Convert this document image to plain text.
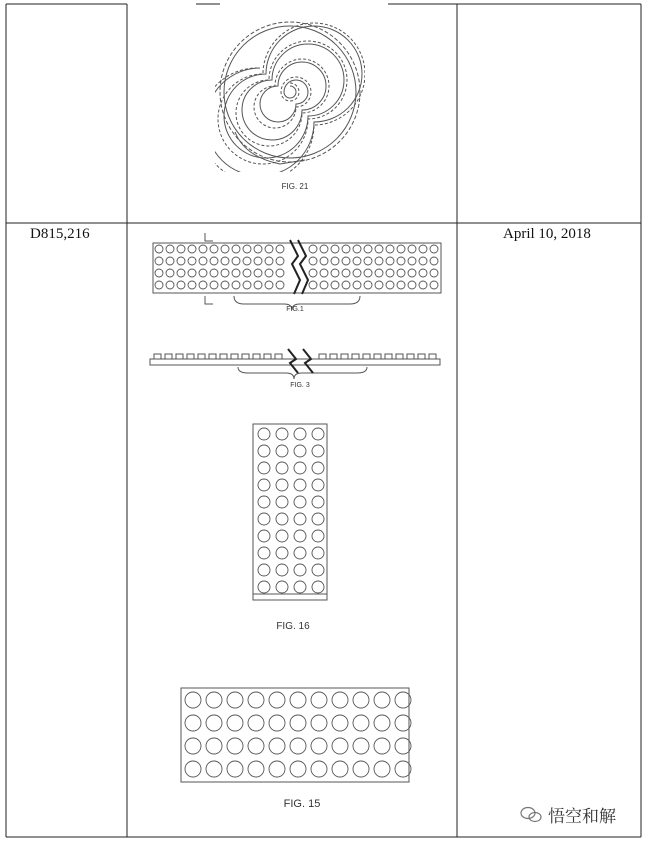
D815,216	April 10, 2018
FIG. 21
FIG.1
FIG. 3
FIG. 16
FIG. 15
悟空和解
